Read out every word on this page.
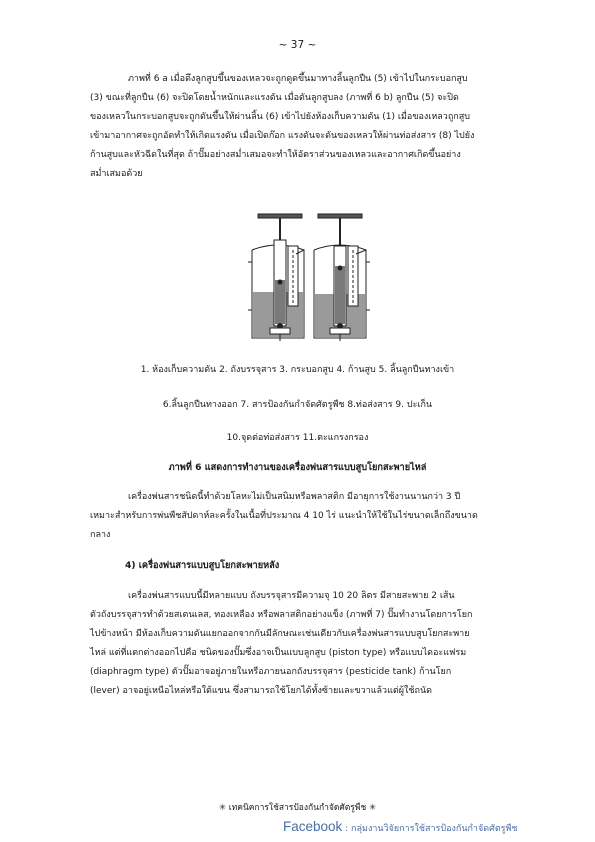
~ 37 ~

ภาพที่ 6 a เมื่อดึงลูกสูบขึ้นของเหลวจะถูกดูดขึ้นมาทางลิ้นลูกปืน (5) เข้าไปในกระบอกสูบ

(3) ขณะที่ลูกปืน (6) จะปิดโดยน้ำหนักและแรงดัน เมื่อดันลูกสูบลง (ภาพที่ 6 b) ลูกปืน (5) จะปิด

ของเหลวในกระบอกสูบจะถูกดันขึ้นให้ผ่านลิ้น (6) เข้าไปยังห้องเก็บความดัน (1) เมื่อของเหลวถูกสูบ

เข้ามาอากาศจะถูกอัดทำให้เกิดแรงดัน เมื่อเปิดก๊อก แรงดันจะดันของเหลวให้ผ่านท่อส่งสาร (8) ไปยัง

ก้านสูบและหัวฉีดในที่สุด ถ้าปั๊มอย่างสม่ำเสมอจะทำให้อัตราส่วนของเหลวและอากาศเกิดขึ้นอย่าง

สม่ำเสมอด้วย

1. ห้องเก็บความดัน 2. ถังบรรจุสาร 3. กระบอกสูบ 4. ก้านสูบ 5. ลิ้นลูกปืนทางเข้า
6.ลิ้นลูกปืนทางออก 7. สารป้องกันกำจัดศัตรูพืช 8.ท่อส่งสาร 9. ปะเก็น
10.จุดต่อท่อส่งสาร 11.ตะแกรงกรอง
ภาพที่ 6 แสดงการทำงานของเครื่องพ่นสารแบบสูบโยกสะพายไหล่

เครื่องพ่นสารชนิดนี้ทำด้วยโลหะไม่เป็นสนิมหรือพลาสติก มีอายุการใช้งานนานกว่า 3 ปี

เหมาะสำหรับการพ่นพืชสัปดาห์ละครั้งในเนื้อที่ประมาณ 4 10 ไร่ แนะนำให้ใช้ในไร่ขนาดเล็กถึงขนาด

กลาง

4) เครื่องพ่นสารแบบสูบโยกสะพายหลัง

เครื่องพ่นสารแบบนี้มีหลายแบบ ถังบรรจุสารมีความจุ 10 20 ลิตร มีสายสะพาย 2 เส้น

ตัวถังบรรจุสารทำด้วยสเตนเลส, ทองเหลือง หรือพลาสติกอย่างแข็ง (ภาพที่ 7) ปั๊มทำงานโดยการโยก

ไปข้างหน้า มีห้องเก็บความดันแยกออกจากกันมีลักษณะเช่นเดียวกับเครื่องพ่นสารแบบสูบโยกสะพาย

ไหล่ แต่ที่แตกต่างออกไปคือ ชนิดของปั๊มซึ่งอาจเป็นแบบลูกสูบ (piston type) หรือแบบไดอะแฟรม

(diaphragm type) ตัวปั๊มอาจอยู่ภายในหรือภายนอกถังบรรจุสาร (pesticide tank) ก้านโยก

(lever) อาจอยู่เหนือไหล่หรือใต้แขน ซึ่งสามารถใช้โยกได้ทั้งซ้ายและขวาแล้วแต่ผู้ใช้ถนัด

✳ เทคนิคการใช้สารป้องกันกำจัดศัตรูพืช ✳
Facebook : กลุ่มงานวิจัยการใช้สารป้องกันกำจัดศัตรูพืช
